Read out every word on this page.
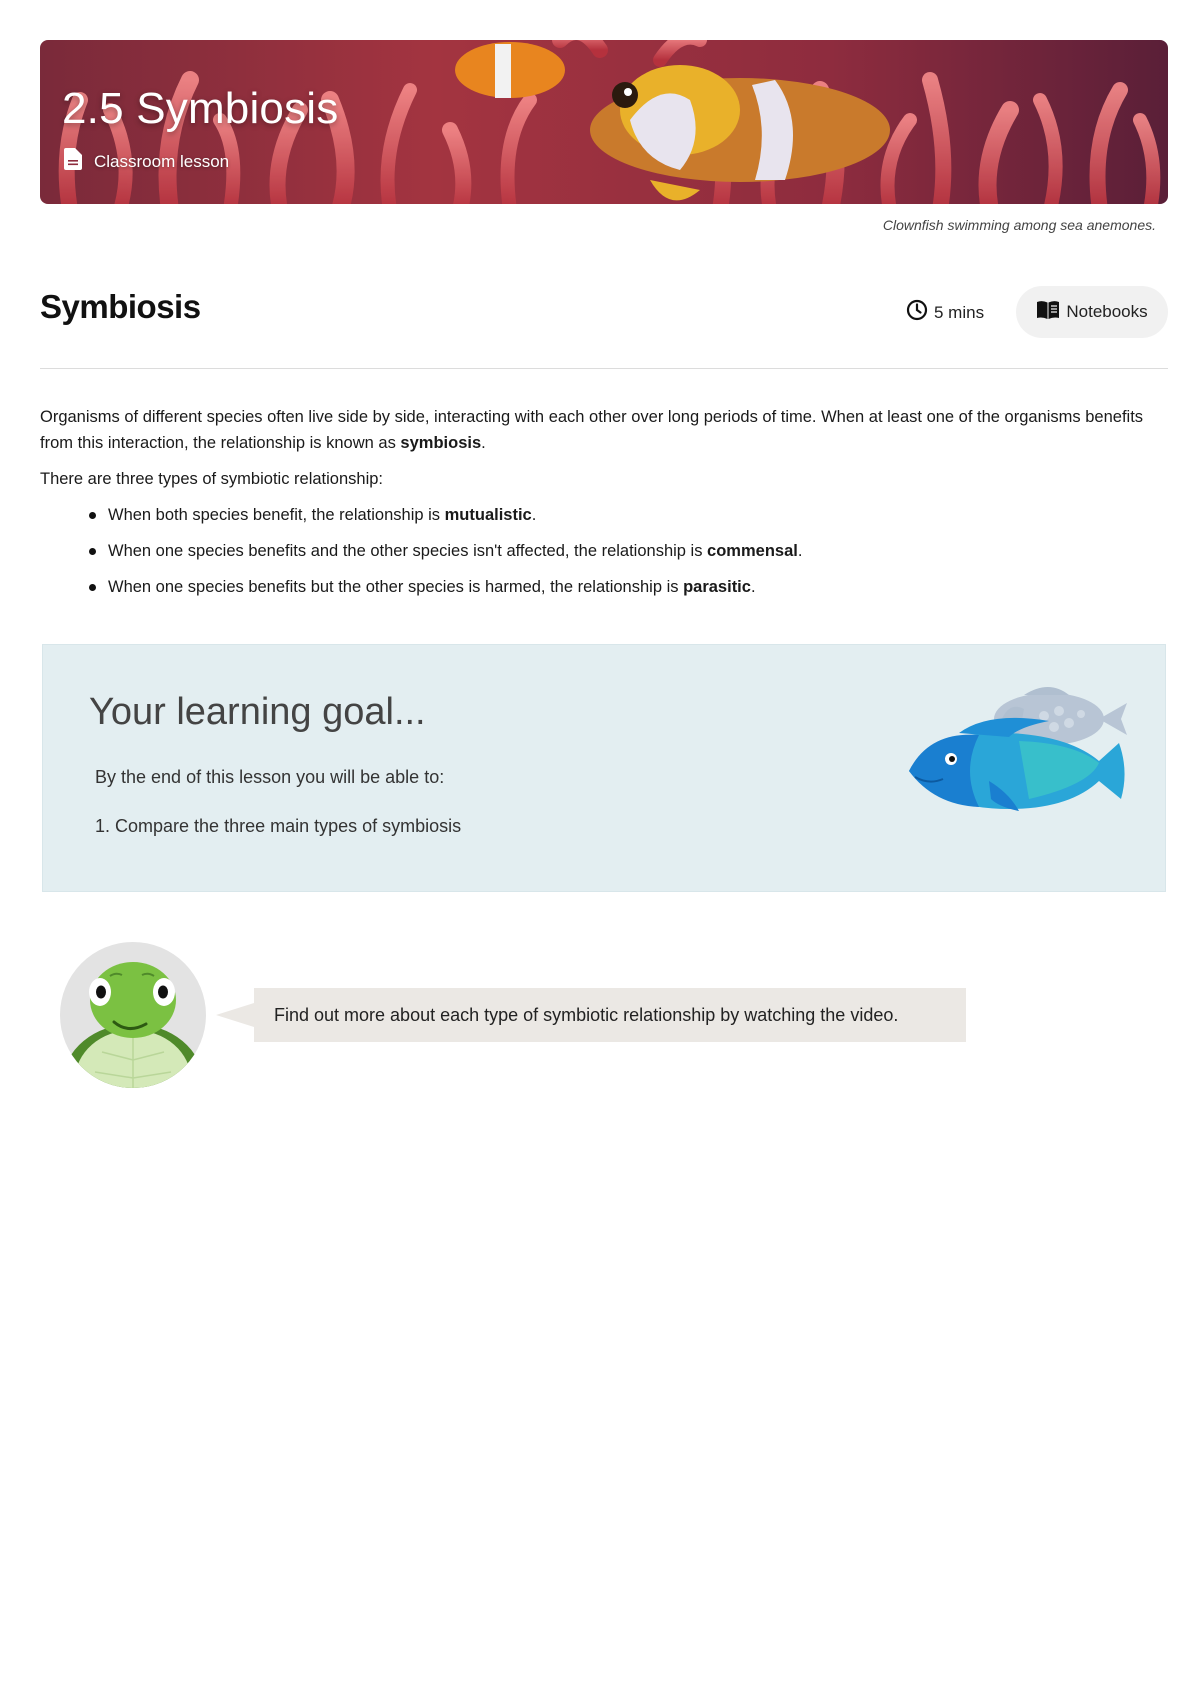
2.5 Symbiosis
Classroom lesson
Clownfish swimming among sea anemones.
Symbiosis	5 mins	Notebooks

Organisms of different species often live side by side, interacting with each other over long periods of time. When at least one of the organisms benefits from this interaction, the relationship is known as symbiosis.

There are three types of symbiotic relationship:

When both species benefit, the relationship is mutualistic.
When one species benefits and the other species isn't affected, the relationship is commensal.
When one species benefits but the other species is harmed, the relationship is parasitic.
Your learning goal...
By the end of this lesson you will be able to:
1. Compare the three main types of symbiosis
Find out more about each type of symbiotic relationship by watching the video.
